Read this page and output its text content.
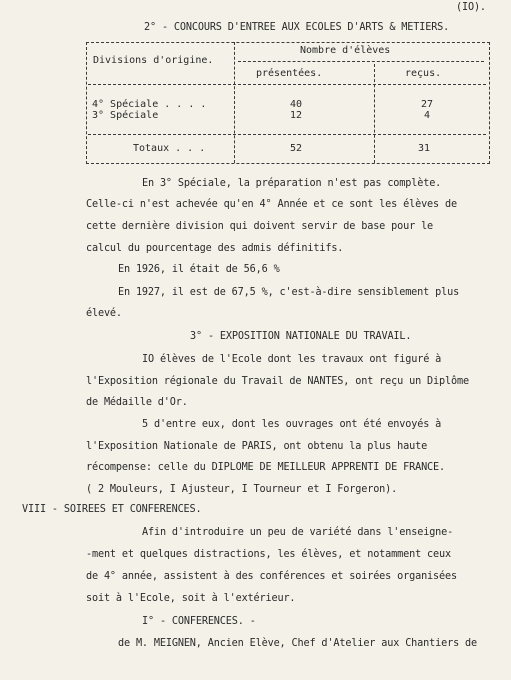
(IO).
2° - CONCOURS D'ENTREE AUX ECOLES D'ARTS & METIERS.
Divisions d'origine.
Nombre d'élèves
présentées.	reçus.
4° Spéciale . . . .	40	27
3° Spéciale	12	4
Totaux . . .	52	31
En 3° Spéciale, la préparation n'est pas complète.
Celle-ci n'est achevée qu'en 4° Année et ce sont les élèves de
cette dernière division qui doivent servir de base pour le
calcul du pourcentage des admis définitifs.
En 1926, il était de 56,6 %
En 1927, il est de 67,5 %, c'est-à-dire sensiblement plus
élevé.
3° - EXPOSITION NATIONALE DU TRAVAIL.
IO élèves de l'Ecole dont les travaux ont figuré à
l'Exposition régionale du Travail de NANTES, ont reçu un Diplôme
de Médaille d'Or.
5 d'entre eux, dont les ouvrages ont été envoyés à
l'Exposition Nationale de PARIS, ont obtenu la plus haute
récompense: celle du DIPLOME DE MEILLEUR APPRENTI DE FRANCE.
( 2 Mouleurs, I Ajusteur, I Tourneur et I Forgeron).
VIII - SOIREES ET CONFERENCES.
Afin d'introduire un peu de variété dans l'enseigne-
-ment et quelques distractions, les élèves, et notamment ceux
de 4° année, assistent à des conférences et soirées organisées
soit à l'Ecole, soit à l'extérieur.
I° - CONFERENCES. -
de M. MEIGNEN, Ancien Elève, Chef d'Atelier aux Chantiers de
